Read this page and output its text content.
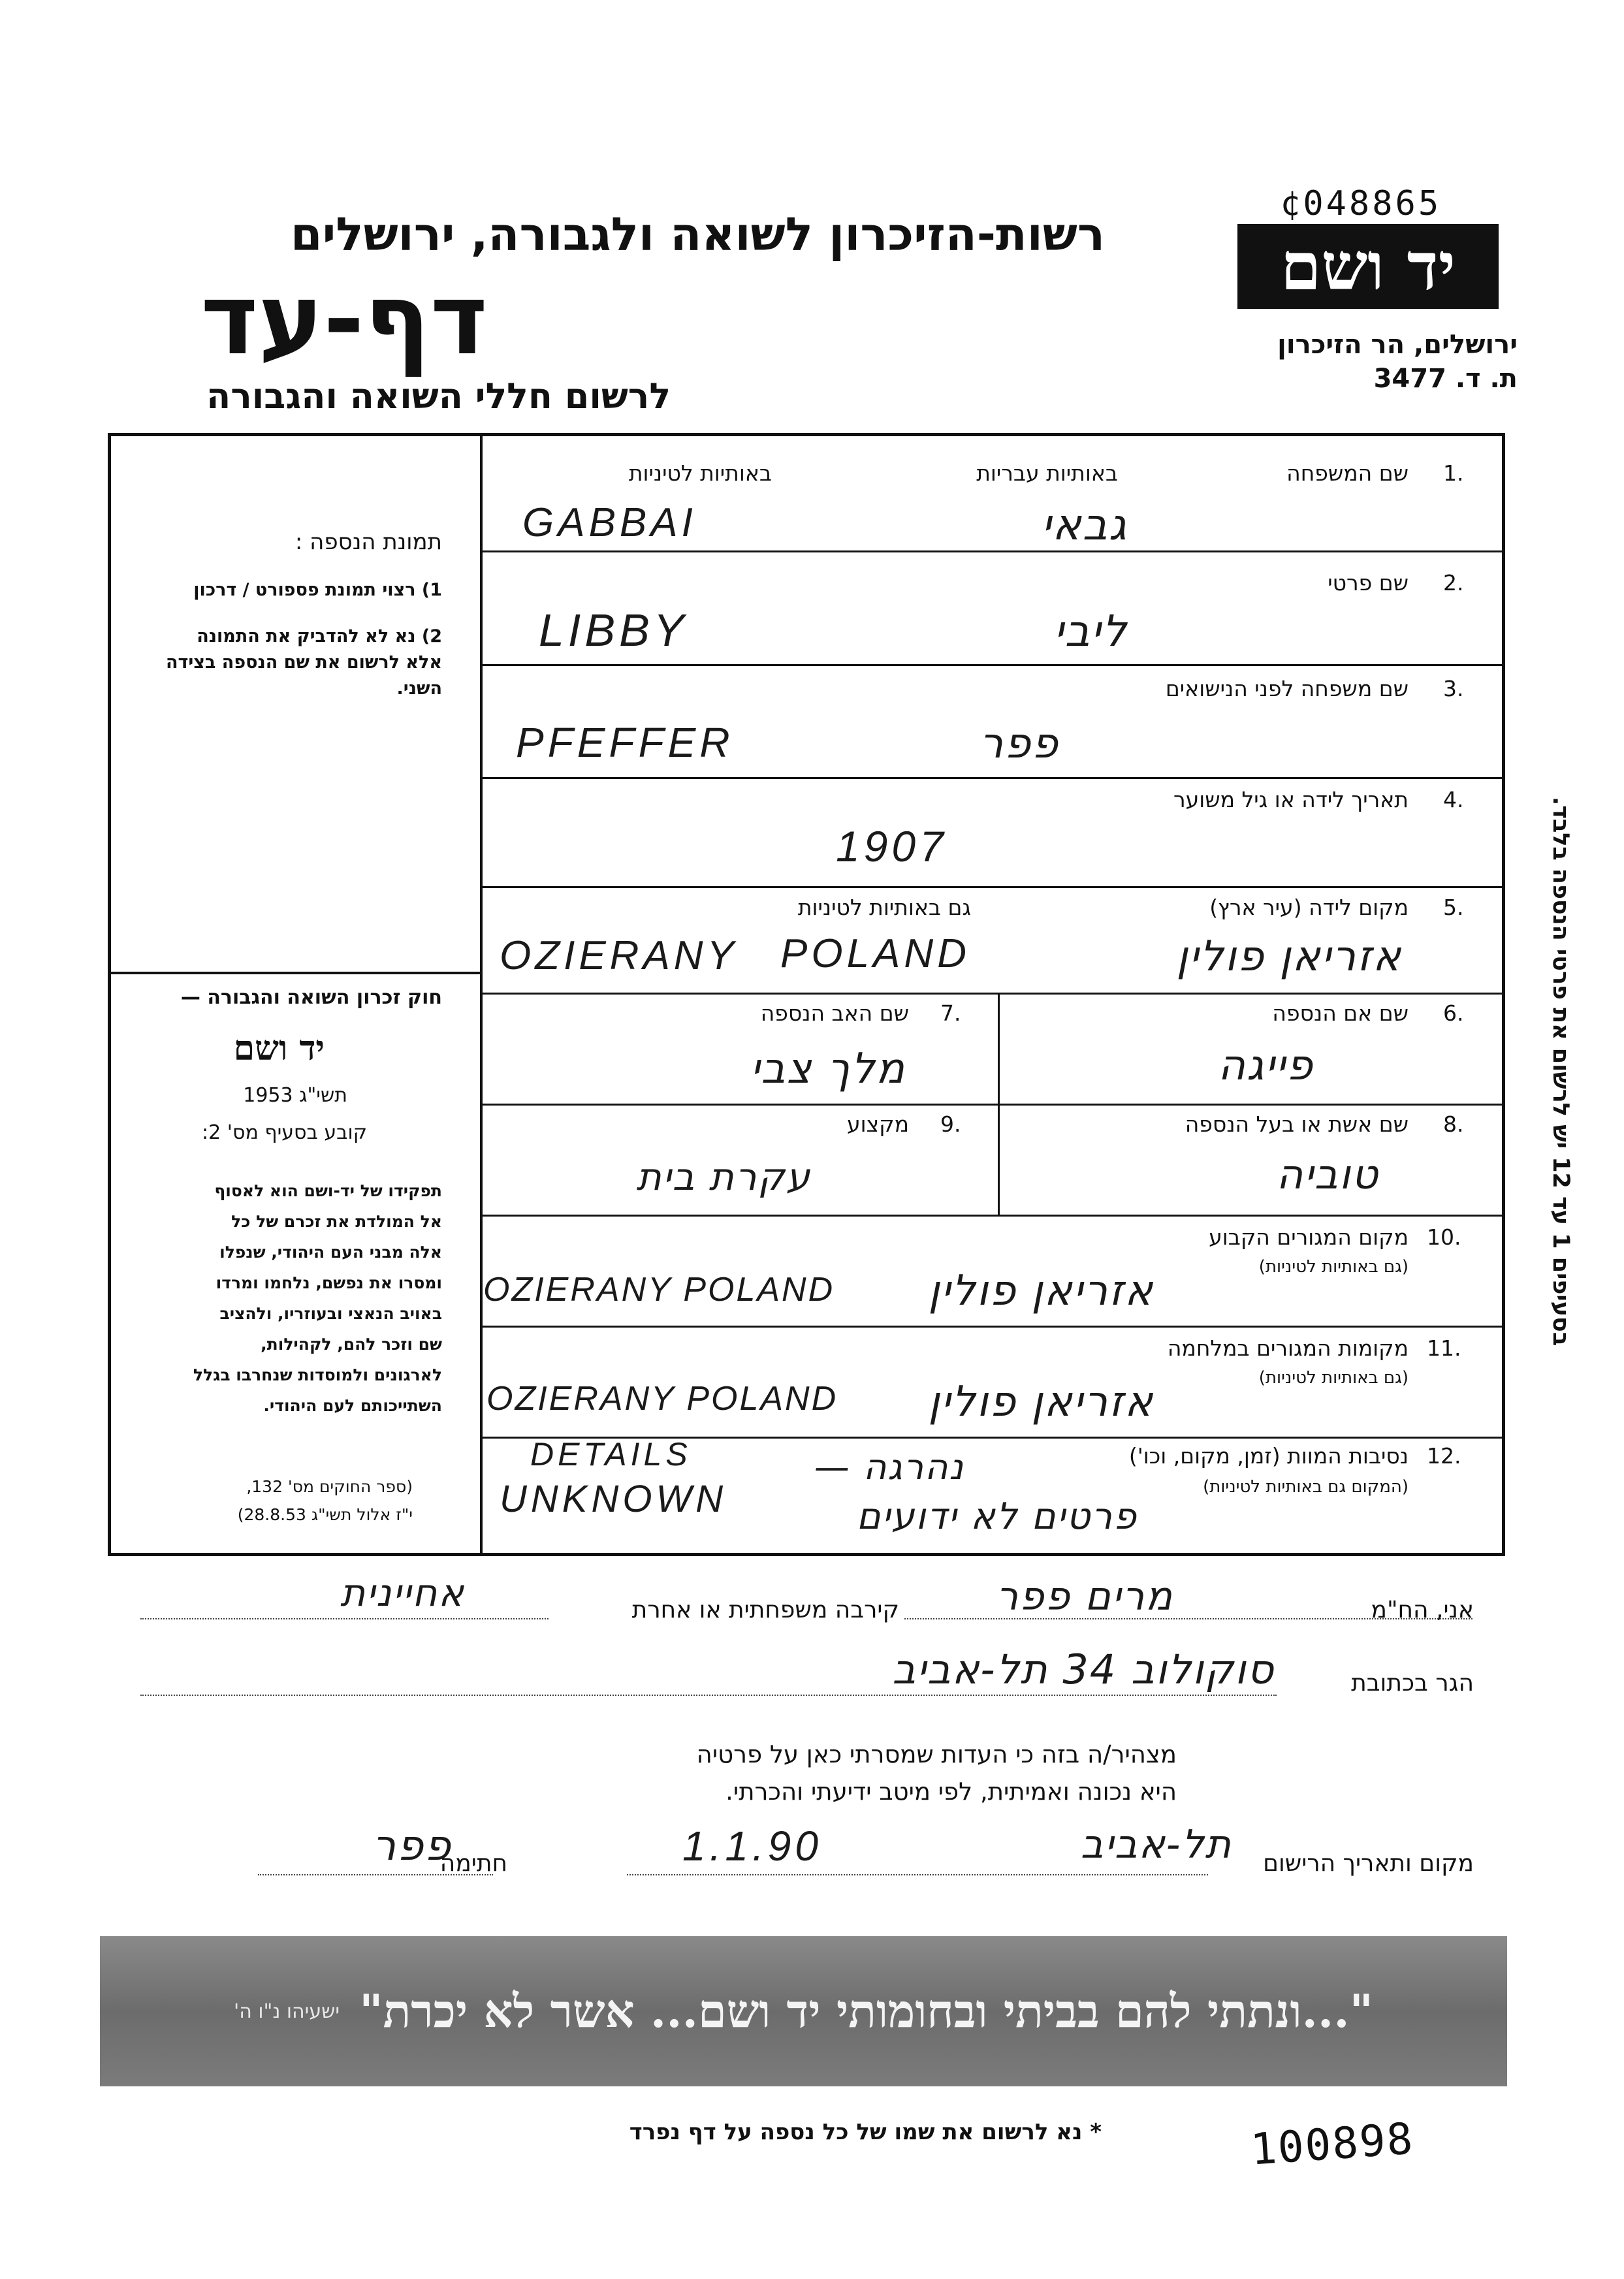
¢048865
רשות-הזיכרון לשואה ולגבורה, ירושלים
דף-עד
לרשום חללי השואה והגבורה
יד ושם
ירושלים, הר הזיכרון
ת. ד. 3477
תמונת הנספה :
1) רצוי תמונת פספורט / דרכון
2) נא לא להדביק את התמונה
אלא לרשום את שם הנספה בצידה
השני.
חוק זכרון השואה והגבורה —
יד ושם
תשי"ג 1953
קובע בסעיף מס' 2:
תפקידו של יד-ושם הוא לאסוף
אל המולדת את זכרם של כל
אלה מבני העם היהודי, שנפלו
ומסרו את נפשם, נלחמו ומרדו
באויב הנאצי ובעוזריו, ולהציב
שם וזכר להם, לקהילות,
לארגונים ולמוסדות שנחרבו בגלל
השתייכותם לעם היהודי.
(ספר החוקים מס' 132,
י"ז אלול תשי"ג 28.8.53)
1.
שם המשפחה
באותיות עבריות
באותיות לטיניות
GABBAI	גבאי
2.
שם פרטי
LIBBY	ליבי
3.
שם משפחה לפני הנישואים
PFEFFER	פפר
4.
תאריך לידה או גיל משוער
1907
5.
מקום לידה (עיר ארץ)
גם באותיות לטיניות
OZIERANY POLAND	אזריאן פולין
6.
שם אם הנספה
פייגה
7.
שם האב הנספה
מלך צבי
8.
שם אשת או בעל הנספה
טוביה
9.
מקצוע
עקרת בית
10.
מקום המגורים הקבוע
(גם באותיות לטיניות)
OZIERANY POLAND אזריאן פולין
11.
מקומות המגורים במלחמה
(גם באותיות לטיניות)
OZIERANY POLAND אזריאן פולין
12.
נסיבות המוות (זמן, מקום, וכו')
(המקום גם באותיות לטיניות)
DETAILS
UNKNOWN
נהרגה —
פרטים לא ידועים
אני, הח"מ
מרים פפר
קירבה משפחתית או אחרת
אחיינית
הגר בכתובת
סוקולוב 34 תל-אביב
מצהיר/ה בזה כי העדות שמסרתי כאן על פרטיה
היא נכונה ואמיתית, לפי מיטב ידיעתי והכרתי.
מקום ותאריך הרישום
תל-אביב
1.1.90
חתימה
פפר
"...ונתתי להם בביתי ובחומותי יד ושם... אשר לא יכרת"
ישעיהו נ"ו ה'
בסעיפים 1 עד 12 יש לרשום את פרטי הנספה בלבד.
* נא לרשום את שמו של כל נספה על דף נפרד	100898
